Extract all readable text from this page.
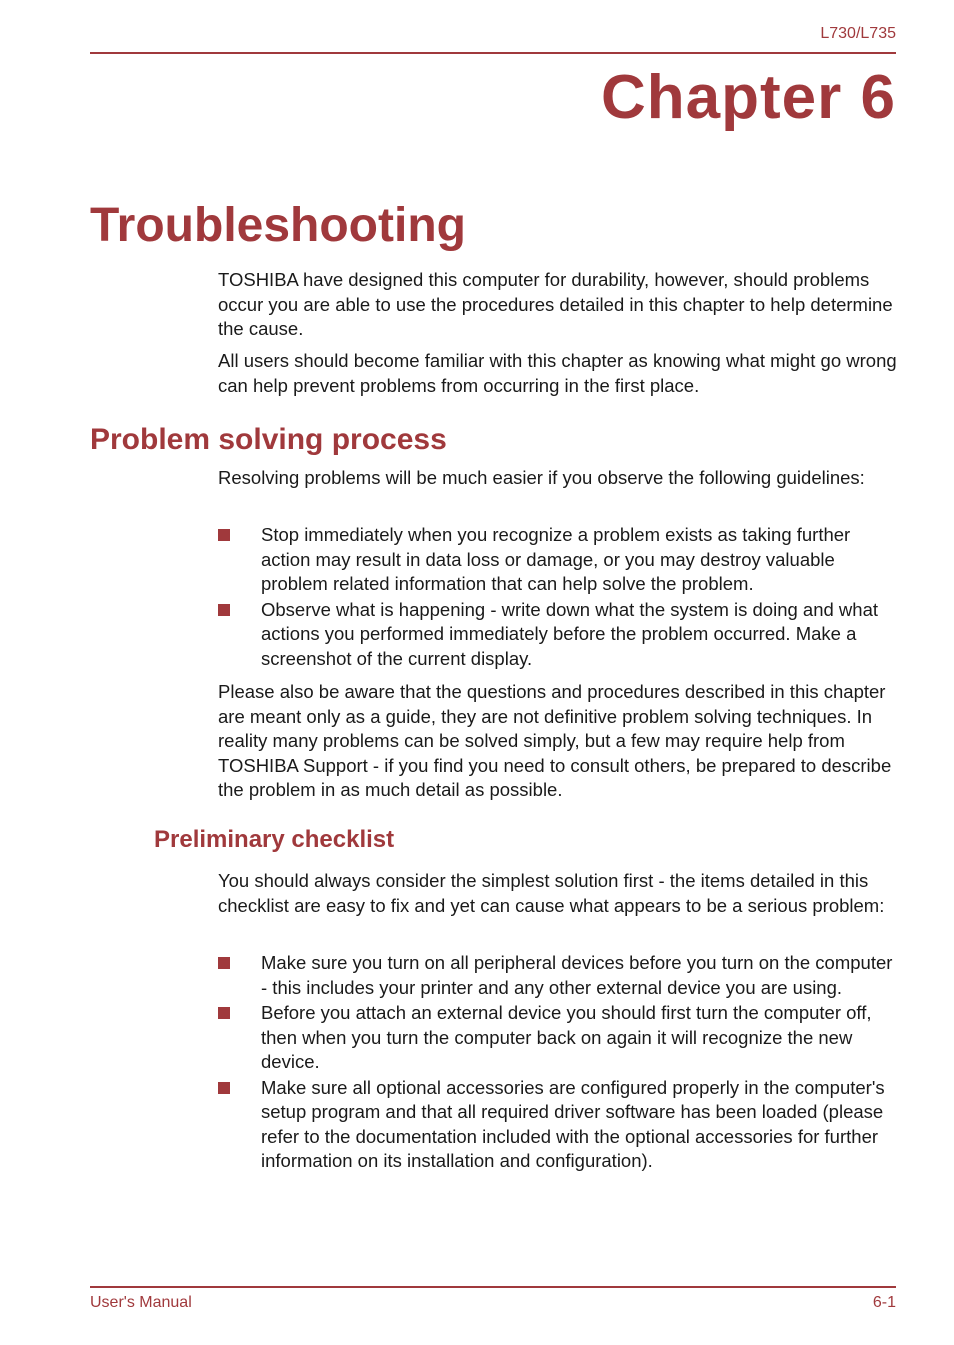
L730/L735
Chapter 6
Troubleshooting

TOSHIBA have designed this computer for durability, however, should problems occur you are able to use the procedures detailed in this chapter to help determine the cause.

All users should become familiar with this chapter as knowing what might go wrong can help prevent problems from occurring in the first place.

Problem solving process

Resolving problems will be much easier if you observe the following guidelines:

Stop immediately when you recognize a problem exists as taking further action may result in data loss or damage, or you may destroy valuable problem related information that can help solve the problem.
Observe what is happening - write down what the system is doing and what actions you performed immediately before the problem occurred. Make a screenshot of the current display.

Please also be aware that the questions and procedures described in this chapter are meant only as a guide, they are not definitive problem solving techniques. In reality many problems can be solved simply, but a few may require help from TOSHIBA Support - if you find you need to consult others, be prepared to describe the problem in as much detail as possible.

Preliminary checklist

You should always consider the simplest solution first - the items detailed in this checklist are easy to fix and yet can cause what appears to be a serious problem:

Make sure you turn on all peripheral devices before you turn on the computer - this includes your printer and any other external device you are using.
Before you attach an external device you should first turn the computer off, then when you turn the computer back on again it will recognize the new device.
Make sure all optional accessories are configured properly in the computer's setup program and that all required driver software has been loaded (please refer to the documentation included with the optional accessories for further information on its installation and configuration).
User's Manual	6-1
